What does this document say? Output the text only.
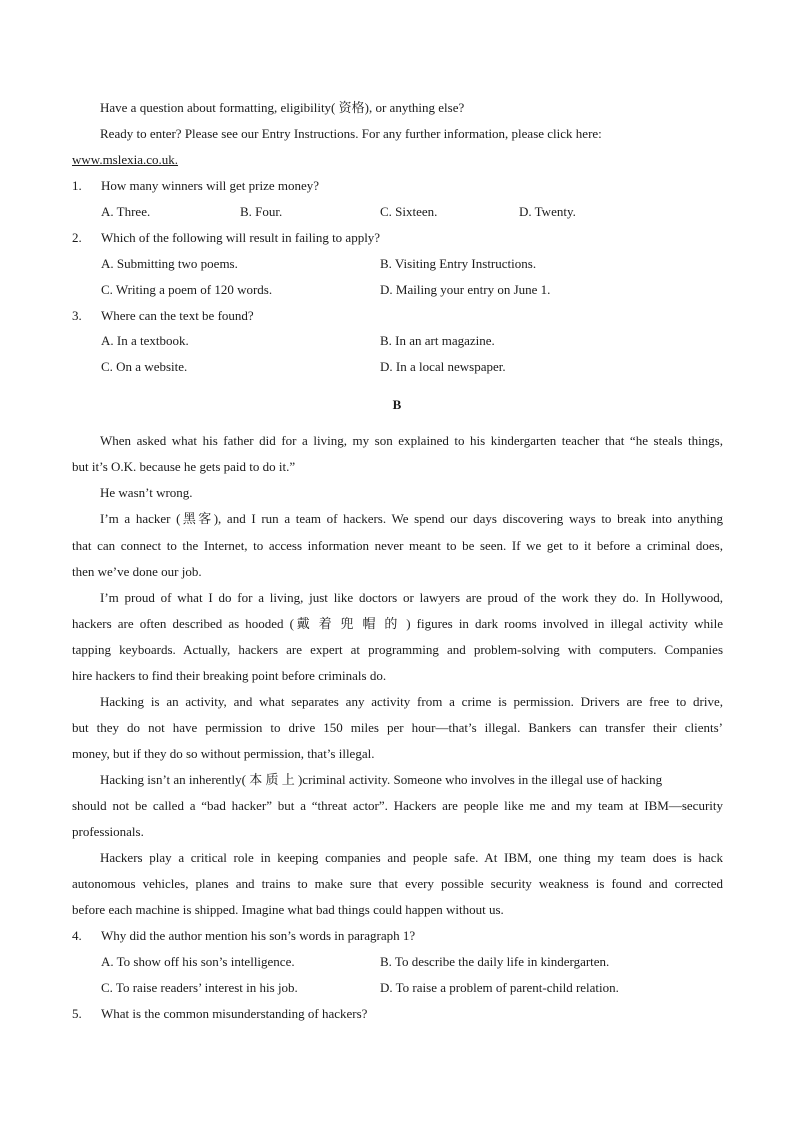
Have a question about formatting, eligibility( 资格), or anything else?
Ready to enter? Please see our Entry Instructions. For any further information, please click here:
www.mslexia.co.uk.
1. How many winners will get prize money?
A. Three.	B. Four.	C. Sixteen.	D. Twenty.
2. Which of the following will result in failing to apply?
A. Submitting two poems.	B. Visiting Entry Instructions.
C. Writing a poem of 120 words.	D. Mailing your entry on June 1.
3. Where can the text be found?
A. In a textbook.	B. In an art magazine.
C. On a website.	D. In a local newspaper.
B
When asked what his father did for a living, my son explained to his kindergarten teacher that “he steals things,
but it’s O.K. because he gets paid to do it.”
He wasn’t wrong.
I’m a hacker (黑客), and I run a team of hackers. We spend our days discovering ways to break into anything
that can connect to the Internet, to access information never meant to be seen. If we get to it before a criminal does,
then we’ve done our job.
I’m proud of what I do for a living, just like doctors or lawyers are proud of the work they do. In Hollywood,
hackers are often described as hooded (戴 着 兜 帽 的 ) figures in dark rooms involved in illegal activity while
tapping keyboards. Actually, hackers are expert at programming and problem-solving with computers. Companies
hire hackers to find their breaking point before criminals do.
Hacking is an activity, and what separates any activity from a crime is permission. Drivers are free to drive,
but they do not have permission to drive 150 miles per hour—that’s illegal. Bankers can transfer their clients’
money, but if they do so without permission, that’s illegal.
Hacking isn’t an inherently( 本 质 上 )criminal activity. Someone who involves in the illegal use of hacking
should not be called a “bad hacker” but a “threat actor”. Hackers are people like me and my team at IBM—security
professionals.
Hackers play a critical role in keeping companies and people safe. At IBM, one thing my team does is hack
autonomous vehicles, planes and trains to make sure that every possible security weakness is found and corrected
before each machine is shipped. Imagine what bad things could happen without us.
4. Why did the author mention his son’s words in paragraph 1?
A. To show off his son’s intelligence.	B. To describe the daily life in kindergarten.
C. To raise readers’ interest in his job.	D. To raise a problem of parent-child relation.
5. What is the common misunderstanding of hackers?
